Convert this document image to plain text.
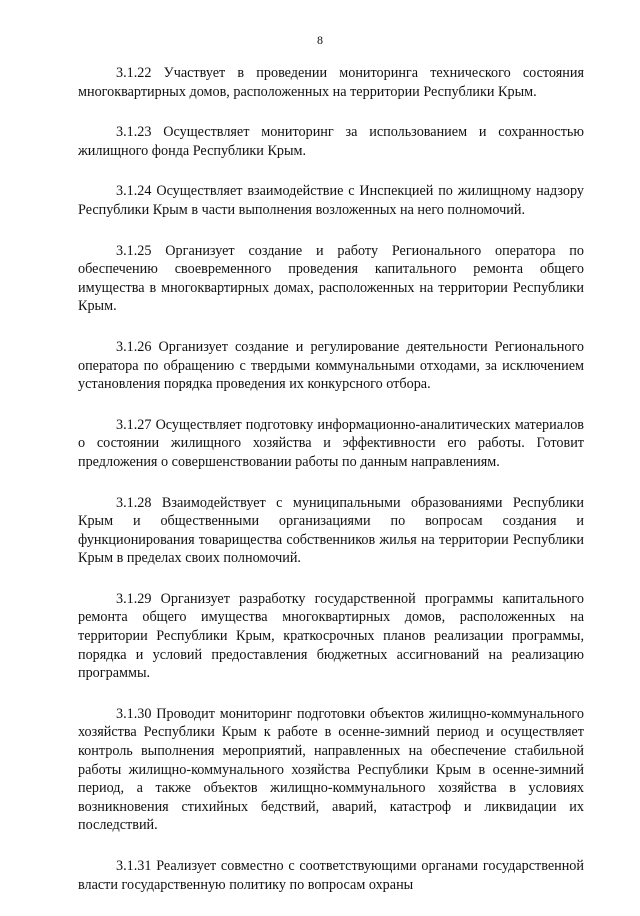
8

3.1.22 Участвует в проведении мониторинга технического состояния многоквартирных домов, расположенных на территории Республики Крым.

3.1.23 Осуществляет мониторинг за использованием и сохранностью жилищного фонда Республики Крым.

3.1.24 Осуществляет взаимодействие с Инспекцией по жилищному надзору Республики Крым в части выполнения возложенных на него полномочий.

3.1.25 Организует создание и работу Регионального оператора по обеспечению своевременного проведения капитального ремонта общего имущества в многоквартирных домах, расположенных на территории Республики Крым.

3.1.26 Организует создание и регулирование деятельности Регионального оператора по обращению с твердыми коммунальными отходами, за исключением установления порядка проведения их конкурсного отбора.

3.1.27 Осуществляет подготовку информационно-аналитических материалов о состоянии жилищного хозяйства и эффективности его работы. Готовит предложения о совершенствовании работы по данным направлениям.

3.1.28 Взаимодействует с муниципальными образованиями Республики Крым и общественными организациями по вопросам создания и функционирования товарищества собственников жилья на территории Республики Крым в пределах своих полномочий.

3.1.29 Организует разработку государственной программы капитального ремонта общего имущества многоквартирных домов, расположенных на территории Республики Крым, краткосрочных планов реализации программы, порядка и условий предоставления бюджетных ассигнований на реализацию программы.

3.1.30 Проводит мониторинг подготовки объектов жилищно-коммунального хозяйства Республики Крым к работе в осенне-зимний период и осуществляет контроль выполнения мероприятий, направленных на обеспечение стабильной работы жилищно-коммунального хозяйства Республики Крым в осенне-зимний период, а также объектов жилищно-коммунального хозяйства в условиях возникновения стихийных бедствий, аварий, катастроф и ликвидации их последствий.

3.1.31 Реализует совместно с соответствующими органами государственной власти государственную политику по вопросам охраны
